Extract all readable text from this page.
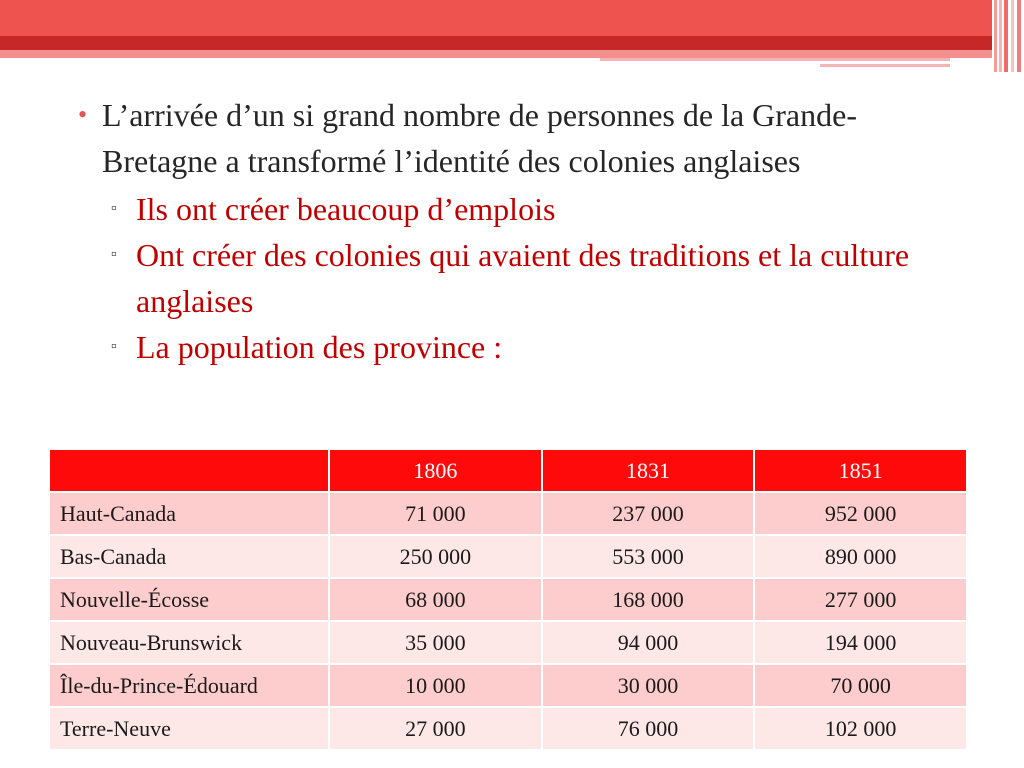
• L’arrivée d’un si grand nombre de personnes de la Grande-Bretagne a transformé l’identité des colonies anglaises
▫ Ils ont créer beaucoup d’emplois
▫ Ont créer des colonies qui avaient des traditions et la culture anglaises
▫ La population des province :
	1806	1831	1851
Haut-Canada	71 000	237 000	952 000
Bas-Canada	250 000	553 000	890 000
Nouvelle-Écosse	68 000	168 000	277 000
Nouveau-Brunswick	35 000	94 000	194 000
Île-du-Prince-Édouard	10 000	30 000	70 000
Terre-Neuve	27 000	76 000	102 000
